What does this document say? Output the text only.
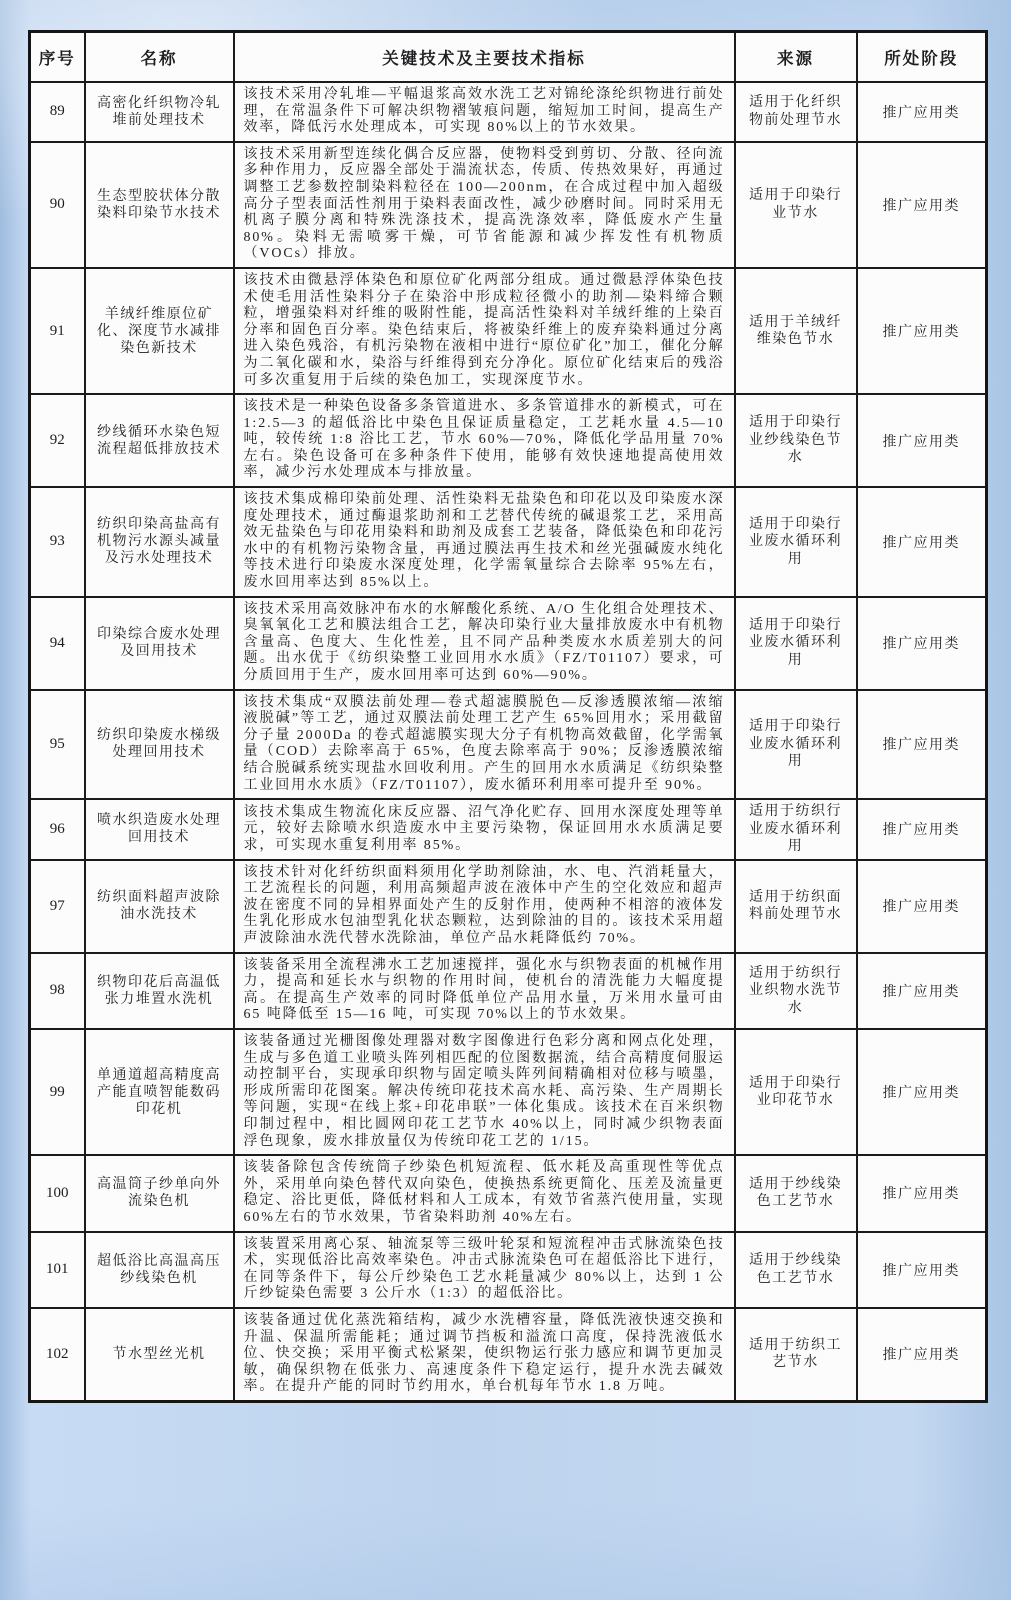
序号	名称	关键技术及主要技术指标	来源	所处阶段
89	高密化纤织物冷轧堆前处理技术	该技术采用冷轧堆—平幅退浆高效水洗工艺对锦纶涤纶织物进行前处理，在常温条件下可解决织物褶皱痕问题，缩短加工时间，提高生产效率，降低污水处理成本，可实现 80%以上的节水效果。	适用于化纤织物前处理节水	推广应用类
90	生态型胶状体分散染料印染节水技术	该技术采用新型连续化偶合反应器，使物料受到剪切、分散、径向流多种作用力，反应器全部处于湍流状态，传质、传热效果好，再通过调整工艺参数控制染料粒径在 100—200nm，在合成过程中加入超级高分子型表面活性剂用于染料表面改性，减少砂磨时间。同时采用无机离子膜分离和特殊洗涤技术，提高洗涤效率，降低废水产生量 80%。染料无需喷雾干燥，可节省能源和减少挥发性有机物质（VOCs）排放。	适用于印染行业节水	推广应用类
91	羊绒纤维原位矿化、深度节水减排染色新技术	该技术由微悬浮体染色和原位矿化两部分组成。通过微悬浮体染色技术使毛用活性染料分子在染浴中形成粒径微小的助剂—染料缔合颗粒，增强染料对纤维的吸附性能，提高活性染料对羊绒纤维的上染百分率和固色百分率。染色结束后，将被染纤维上的废弃染料通过分离进入染色残浴，有机污染物在液相中进行“原位矿化”加工，催化分解为二氧化碳和水，染浴与纤维得到充分净化。原位矿化结束后的残浴可多次重复用于后续的染色加工，实现深度节水。	适用于羊绒纤维染色节水	推广应用类
92	纱线循环水染色短流程超低排放技术	该技术是一种染色设备多条管道进水、多条管道排水的新模式，可在 1:2.5—3 的超低浴比中染色且保证质量稳定，工艺耗水量 4.5—10 吨，较传统 1:8 浴比工艺，节水 60%—70%，降低化学品用量 70%左右。染色设备可在多种条件下使用，能够有效快速地提高使用效率，减少污水处理成本与排放量。	适用于印染行业纱线染色节水	推广应用类
93	纺织印染高盐高有机物污水源头减量及污水处理技术	该技术集成棉印染前处理、活性染料无盐染色和印花以及印染废水深度处理技术，通过酶退浆助剂和工艺替代传统的碱退浆工艺，采用高效无盐染色与印花用染料和助剂及成套工艺装备，降低染色和印花污水中的有机物污染物含量，再通过膜法再生技术和丝光强碱废水纯化等技术进行印染废水深度处理，化学需氧量综合去除率 95%左右，废水回用率达到 85%以上。	适用于印染行业废水循环利用	推广应用类
94	印染综合废水处理及回用技术	该技术采用高效脉冲布水的水解酸化系统、A/O 生化组合处理技术、臭氧氧化工艺和膜法组合工艺，解决印染行业大量排放废水中有机物含量高、色度大、生化性差，且不同产品种类废水水质差别大的问题。出水优于《纺织染整工业回用水水质》（FZ/T01107）要求，可分质回用于生产，废水回用率可达到 60%—90%。	适用于印染行业废水循环利用	推广应用类
95	纺织印染废水梯级处理回用技术	该技术集成“双膜法前处理—卷式超滤膜脱色—反渗透膜浓缩—浓缩液脱碱”等工艺，通过双膜法前处理工艺产生 65%回用水；采用截留分子量 2000Da 的卷式超滤膜实现大分子有机物高效截留，化学需氧量（COD）去除率高于 65%，色度去除率高于 90%；反渗透膜浓缩结合脱碱系统实现盐水回收利用。产生的回用水水质满足《纺织染整工业回用水水质》（FZ/T01107），废水循环利用率可提升至 90%。	适用于印染行业废水循环利用	推广应用类
96	喷水织造废水处理回用技术	该技术集成生物流化床反应器、沼气净化贮存、回用水深度处理等单元，较好去除喷水织造废水中主要污染物，保证回用水水质满足要求，可实现水重复利用率 85%。	适用于纺织行业废水循环利用	推广应用类
97	纺织面料超声波除油水洗技术	该技术针对化纤纺织面料须用化学助剂除油，水、电、汽消耗量大，工艺流程长的问题，利用高频超声波在液体中产生的空化效应和超声波在密度不同的异相界面处产生的反射作用，使两种不相溶的液体发生乳化形成水包油型乳化状态颗粒，达到除油的目的。该技术采用超声波除油水洗代替水洗除油，单位产品水耗降低约 70%。	适用于纺织面料前处理节水	推广应用类
98	织物印花后高温低张力堆置水洗机	该装备采用全流程沸水工艺加速搅拌，强化水与织物表面的机械作用力，提高和延长水与织物的作用时间，使机台的清洗能力大幅度提高。在提高生产效率的同时降低单位产品用水量，万米用水量可由 65 吨降低至 15—16 吨，可实现 70%以上的节水效果。	适用于纺织行业织物水洗节水	推广应用类
99	单通道超高精度高产能直喷智能数码印花机	该装备通过光栅图像处理器对数字图像进行色彩分离和网点化处理，生成与多色道工业喷头阵列相匹配的位图数据流，结合高精度伺服运动控制平台，实现承印织物与固定喷头阵列间精确相对位移与喷墨，形成所需印花图案。解决传统印花技术高水耗、高污染、生产周期长等问题，实现“在线上浆+印花串联”一体化集成。该技术在百米织物印制过程中，相比圆网印花工艺节水 40%以上，同时减少织物表面浮色现象，废水排放量仅为传统印花工艺的 1/15。	适用于印染行业印花节水	推广应用类
100	高温筒子纱单向外流染色机	该装备除包含传统筒子纱染色机短流程、低水耗及高重现性等优点外，采用单向染色替代双向染色，使换热系统更简化、压差及流量更稳定、浴比更低，降低材料和人工成本，有效节省蒸汽使用量，实现 60%左右的节水效果，节省染料助剂 40%左右。	适用于纱线染色工艺节水	推广应用类
101	超低浴比高温高压纱线染色机	该装置采用离心泵、轴流泵等三级叶轮泵和短流程冲击式脉流染色技术，实现低浴比高效率染色。冲击式脉流染色可在超低浴比下进行，在同等条件下，每公斤纱染色工艺水耗量减少 80%以上，达到 1 公斤纱锭染色需要 3 公斤水（1:3）的超低浴比。	适用于纱线染色工艺节水	推广应用类
102	节水型丝光机	该装备通过优化蒸洗箱结构，减少水洗槽容量，降低洗液快速交换和升温、保温所需能耗；通过调节挡板和溢流口高度，保持洗液低水位、快交换；采用平衡式松紧架，使织物运行张力感应和调节更加灵敏，确保织物在低张力、高速度条件下稳定运行，提升水洗去碱效率。在提升产能的同时节约用水，单台机每年节水 1.8 万吨。	适用于纺织工艺节水	推广应用类
